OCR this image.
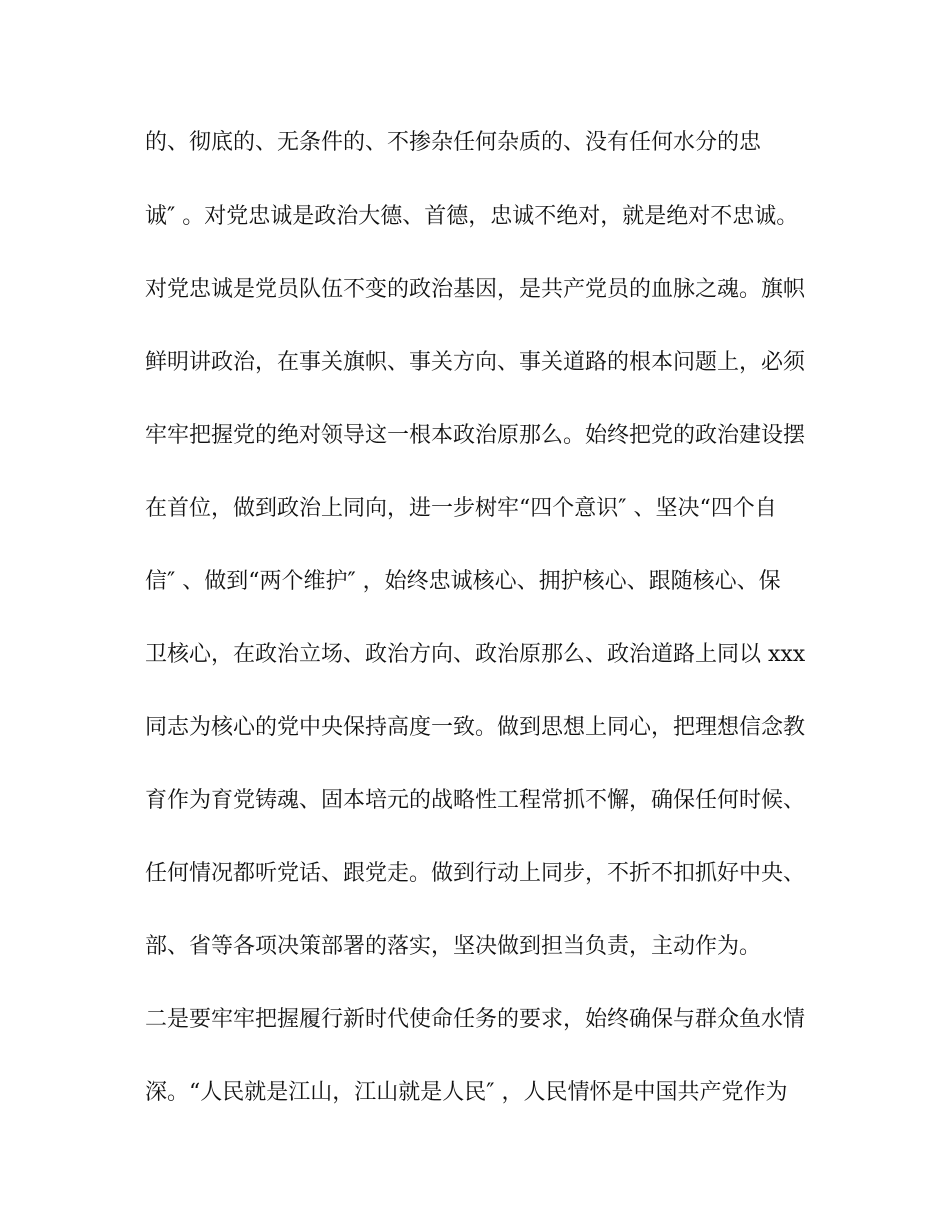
的、彻底的、无条件的、不掺杂任何杂质的、没有任何水分的忠
诚″ 。对党忠诚是政治大德、首德，忠诚不绝对，就是绝对不忠诚。
对党忠诚是党员队伍不变的政治基因，是共产党员的血脉之魂。旗帜
鲜明讲政治，在事关旗帜、事关方向、事关道路的根本问题上，必须
牢牢把握党的绝对领导这一根本政治原那么。始终把党的政治建设摆
在首位，做到政治上同向，进一步树牢“四个意识″ 、坚决“四个自
信″ 、做到“两个维护″ ，始终忠诚核心、拥护核心、跟随核心、保
卫核心，在政治立场、政治方向、政治原那么、政治道路上同以 xxx
同志为核心的党中央保持高度一致。做到思想上同心，把理想信念教
育作为育党铸魂、固本培元的战略性工程常抓不懈，确保任何时候、
任何情况都听党话、跟党走。做到行动上同步，不折不扣抓好中央、
部、省等各项决策部署的落实，坚决做到担当负责，主动作为。
二是要牢牢把握履行新时代使命任务的要求，始终确保与群众鱼水情
深。“人民就是江山，江山就是人民″ ，人民情怀是中国共产党作为
